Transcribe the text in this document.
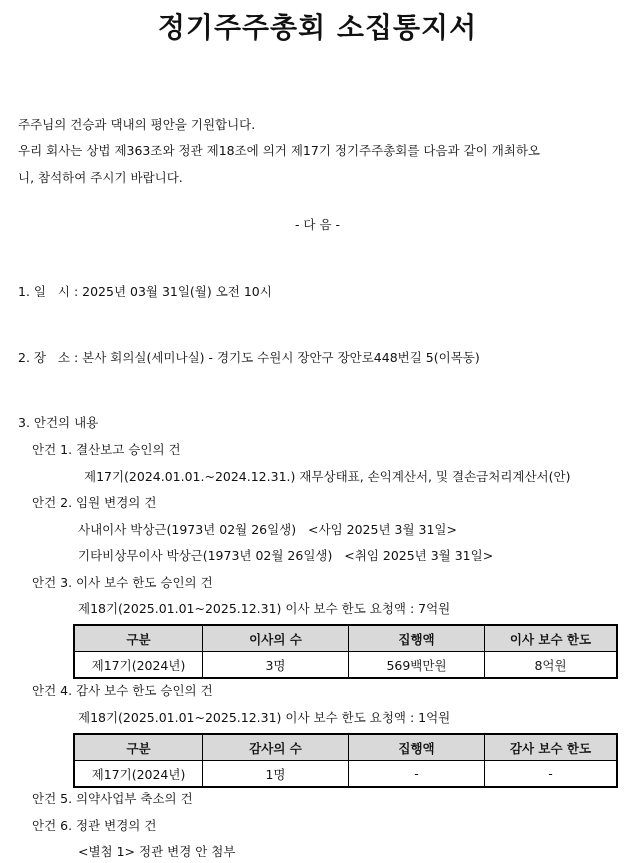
정기주주총회 소집통지서
주주님의 건승과 댁내의 평안을 기원합니다.
우리 회사는 상법 제363조와 정관 제18조에 의거 제17기 정기주주총회를 다음과 같이 개최하오
니, 참석하여 주시기 바랍니다.
- 다 음 -
1. 일   시 : 2025년 03월 31일(월) 오전 10시
2. 장   소 : 본사 회의실(세미나실) - 경기도 수원시 장안구 장안로448번길 5(이목동)
3. 안건의 내용
안건 1. 결산보고 승인의 건
제17기(2024.01.01.~2024.12.31.) 재무상태표, 손익계산서, 및 결손금처리계산서(안)
안건 2. 임원 변경의 건
사내이사 박상근(1973년 02월 26일생)   <사임 2025년 3월 31일>
기타비상무이사 박상근(1973년 02월 26일생)   <취임 2025년 3월 31일>
안건 3. 이사 보수 한도 승인의 건
제18기(2025.01.01~2025.12.31) 이사 보수 한도 요청액 : 7억원
구분	이사의 수	집행액	이사 보수 한도
제17기(2024년)	3명	569백만원	8억원
안건 4. 감사 보수 한도 승인의 건
제18기(2025.01.01~2025.12.31) 이사 보수 한도 요청액 : 1억원
구분	감사의 수	집행액	감사 보수 한도
제17기(2024년)	1명	-	-
안건 5. 의약사업부 축소의 건
안건 6. 정관 변경의 건
<별첨 1> 정관 변경 안 첨부
